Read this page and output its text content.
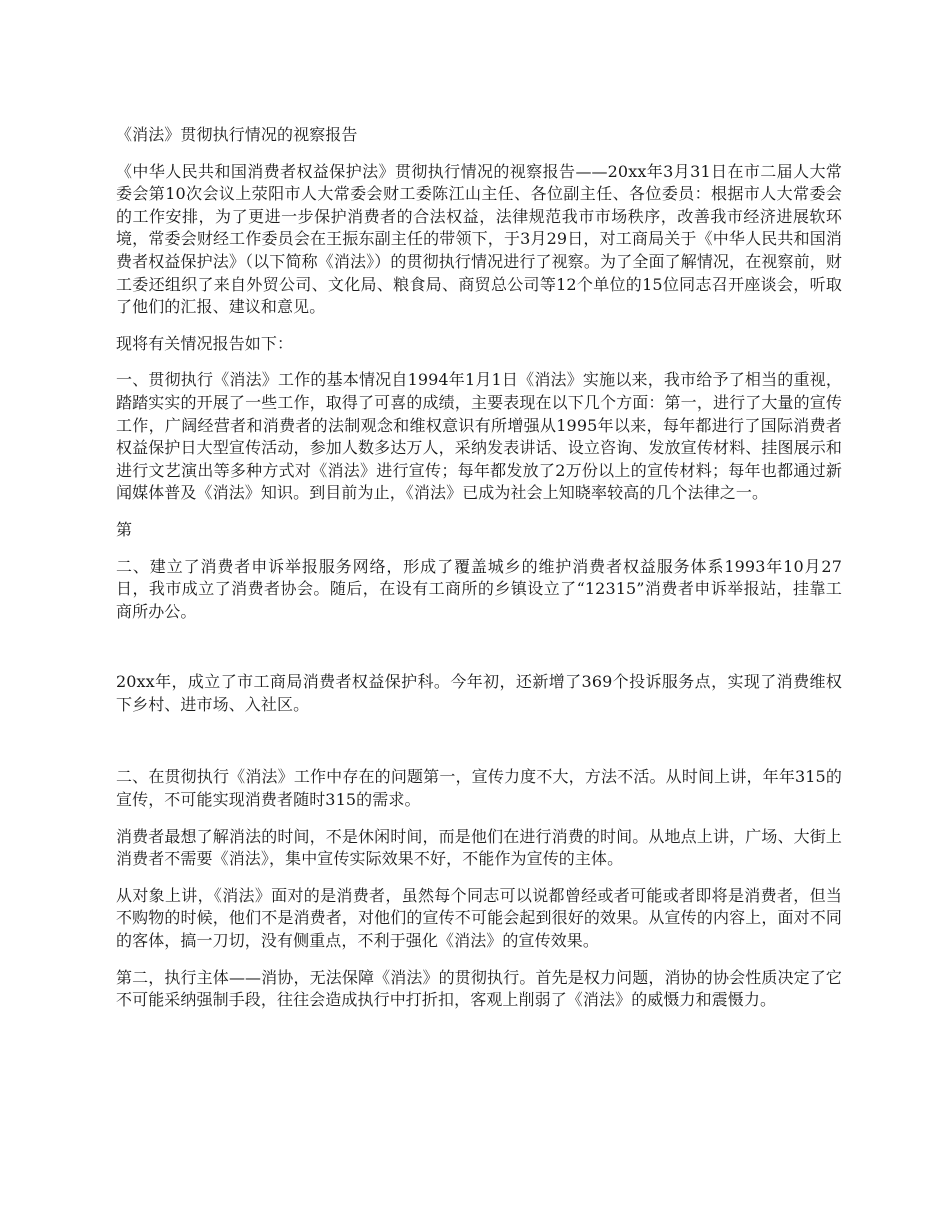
《消法》贯彻执行情况的视察报告

《中华人民共和国消费者权益保护法》贯彻执行情况的视察报告——20xx年3月31日在市二届人大常委会第10次会议上荥阳市人大常委会财工委陈江山主任、各位副主任、各位委员：根据市人大常委会的工作安排，为了更进一步保护消费者的合法权益，法律规范我市市场秩序，改善我市经济进展软环境，常委会财经工作委员会在王振东副主任的带领下，于3月29日，对工商局关于《中华人民共和国消费者权益保护法》（以下简称《消法》）的贯彻执行情况进行了视察。为了全面了解情况，在视察前，财工委还组织了来自外贸公司、文化局、粮食局、商贸总公司等12个单位的15位同志召开座谈会，听取了他们的汇报、建议和意见。

现将有关情况报告如下：

一、贯彻执行《消法》工作的基本情况自1994年1月1日《消法》实施以来，我市给予了相当的重视，踏踏实实的开展了一些工作，取得了可喜的成绩，主要表现在以下几个方面：第一，进行了大量的宣传工作，广阔经营者和消费者的法制观念和维权意识有所增强从1995年以来，每年都进行了国际消费者权益保护日大型宣传活动，参加人数多达万人，采纳发表讲话、设立咨询、发放宣传材料、挂图展示和进行文艺演出等多种方式对《消法》进行宣传；每年都发放了2万份以上的宣传材料；每年也都通过新闻媒体普及《消法》知识。到目前为止，《消法》已成为社会上知晓率较高的几个法律之一。

第

二、建立了消费者申诉举报服务网络，形成了覆盖城乡的维护消费者权益服务体系1993年10月27日，我市成立了消费者协会。随后，在设有工商所的乡镇设立了“12315”消费者申诉举报站，挂靠工商所办公。

20xx年，成立了市工商局消费者权益保护科。今年初，还新增了369个投诉服务点，实现了消费维权下乡村、进市场、入社区。

二、在贯彻执行《消法》工作中存在的问题第一，宣传力度不大，方法不活。从时间上讲，年年315的宣传，不可能实现消费者随时315的需求。

消费者最想了解消法的时间，不是休闲时间，而是他们在进行消费的时间。从地点上讲，广场、大街上消费者不需要《消法》，集中宣传实际效果不好，不能作为宣传的主体。

从对象上讲，《消法》面对的是消费者，虽然每个同志可以说都曾经或者可能或者即将是消费者，但当不购物的时候，他们不是消费者，对他们的宣传不可能会起到很好的效果。从宣传的内容上，面对不同的客体，搞一刀切，没有侧重点，不利于强化《消法》的宣传效果。

第二，执行主体——消协，无法保障《消法》的贯彻执行。首先是权力问题，消协的协会性质决定了它不可能采纳强制手段，往往会造成执行中打折扣，客观上削弱了《消法》的威慑力和震慑力。
